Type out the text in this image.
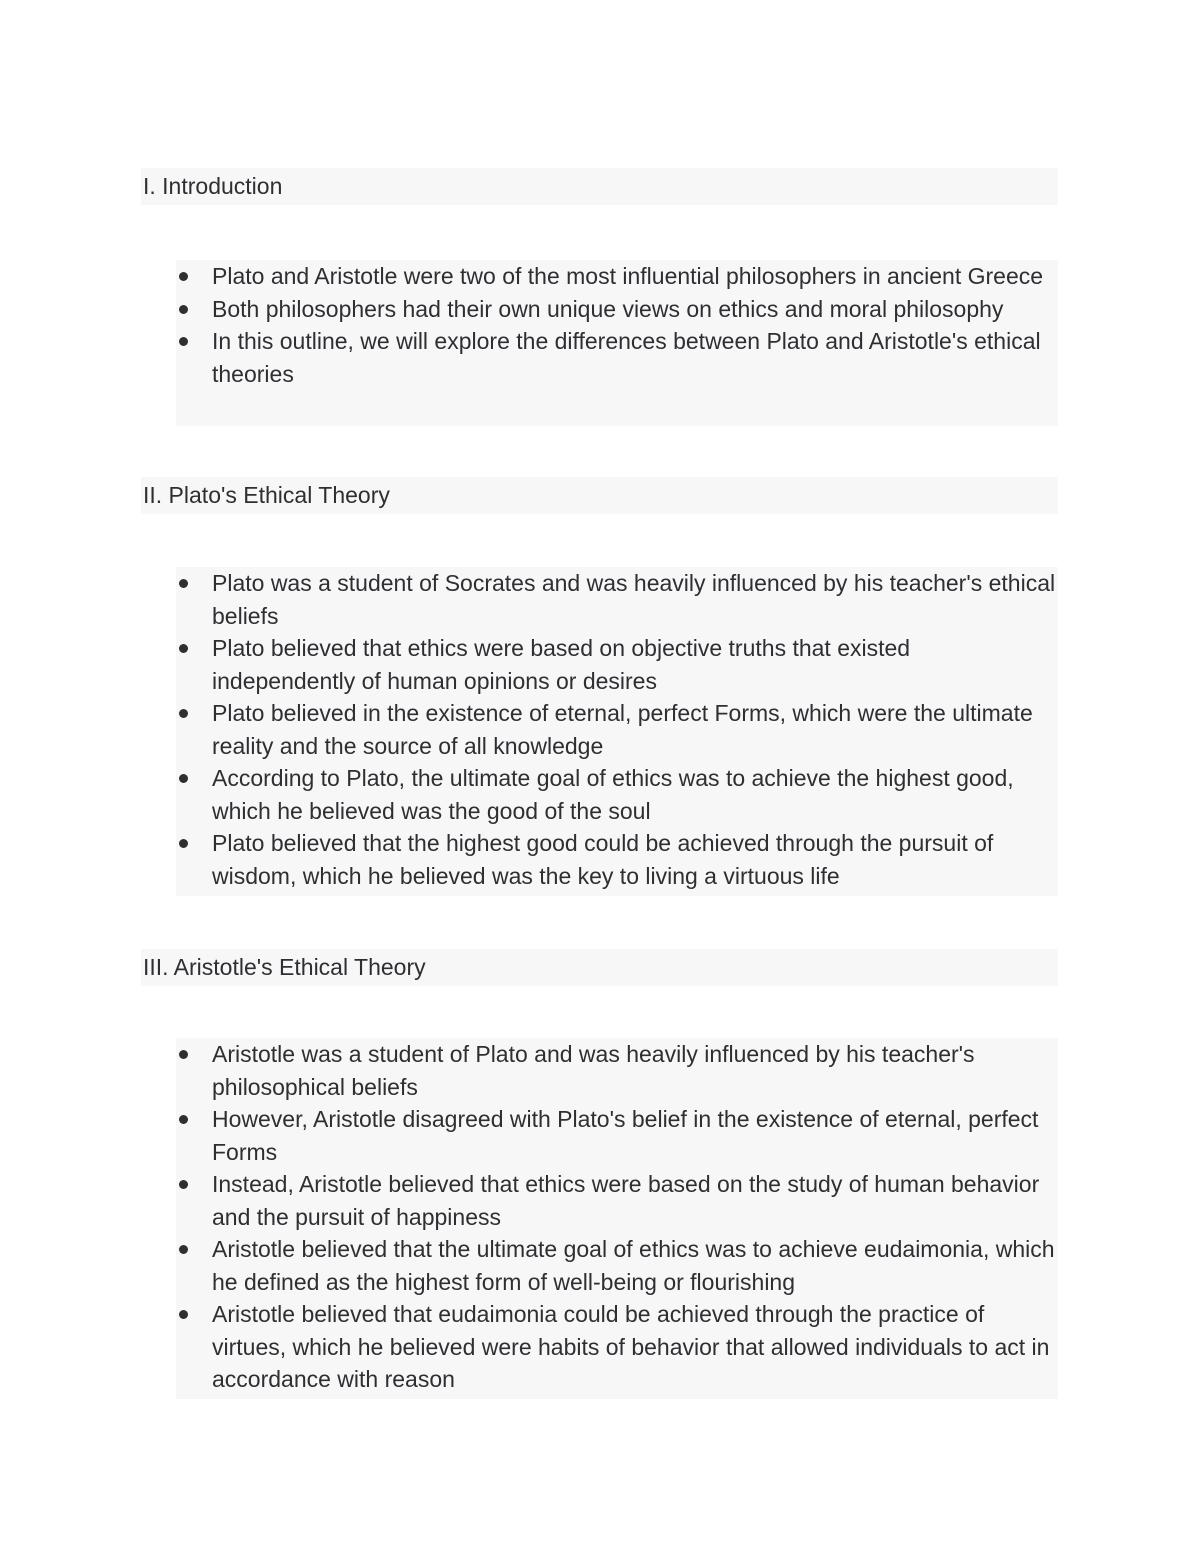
I. Introduction
Plato and Aristotle were two of the most influential philosophers in ancient Greece
Both philosophers had their own unique views on ethics and moral philosophy
In this outline, we will explore the differences between Plato and Aristotle's ethical theories
II. Plato's Ethical Theory
Plato was a student of Socrates and was heavily influenced by his teacher's ethical beliefs
Plato believed that ethics were based on objective truths that existed independently of human opinions or desires
Plato believed in the existence of eternal, perfect Forms, which were the ultimate reality and the source of all knowledge
According to Plato, the ultimate goal of ethics was to achieve the highest good, which he believed was the good of the soul
Plato believed that the highest good could be achieved through the pursuit of wisdom, which he believed was the key to living a virtuous life
III. Aristotle's Ethical Theory
Aristotle was a student of Plato and was heavily influenced by his teacher's philosophical beliefs
However, Aristotle disagreed with Plato's belief in the existence of eternal, perfect Forms
Instead, Aristotle believed that ethics were based on the study of human behavior and the pursuit of happiness
Aristotle believed that the ultimate goal of ethics was to achieve eudaimonia, which he defined as the highest form of well-being or flourishing
Aristotle believed that eudaimonia could be achieved through the practice of virtues, which he believed were habits of behavior that allowed individuals to act in accordance with reason
